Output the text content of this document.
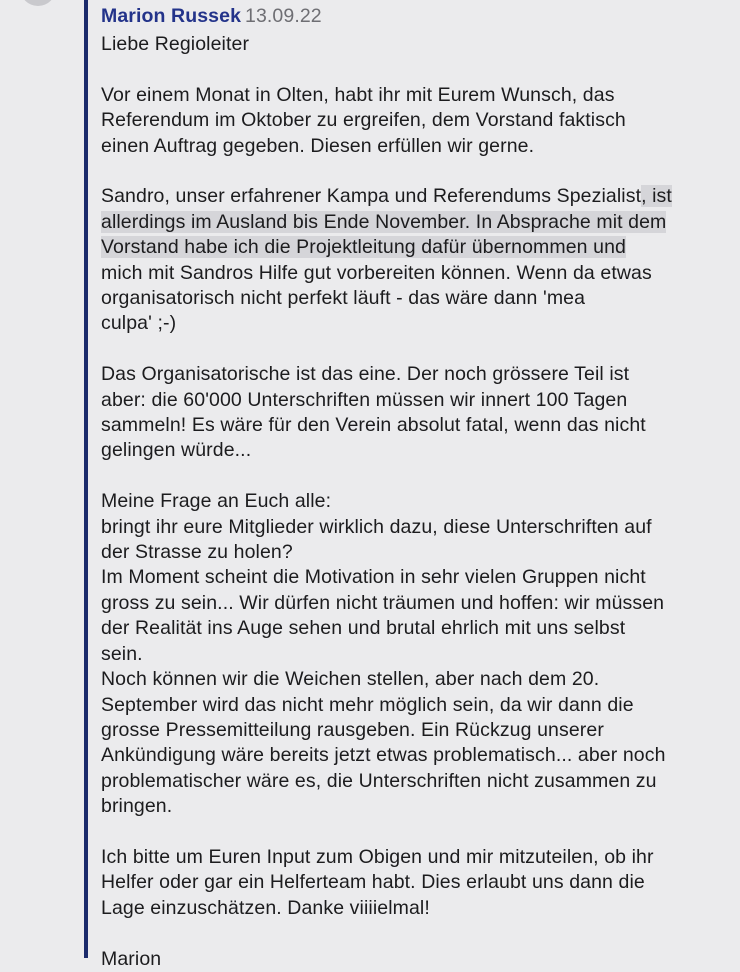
Marion Russek 13.09.22
Liebe Regioleiter
Vor einem Monat in Olten, habt ihr mit Eurem Wunsch, das
Referendum im Oktober zu ergreifen, dem Vorstand faktisch
einen Auftrag gegeben. Diesen erfüllen wir gerne.
Sandro, unser erfahrener Kampa und Referendums Spezialist, ist
allerdings im Ausland bis Ende November. In Absprache mit dem
Vorstand habe ich die Projektleitung dafür übernommen und
mich mit Sandros Hilfe gut vorbereiten können. Wenn da etwas
organisatorisch nicht perfekt läuft - das wäre dann 'mea
culpa' ;-)
Das Organisatorische ist das eine. Der noch grössere Teil ist
aber: die 60'000 Unterschriften müssen wir innert 100 Tagen
sammeln! Es wäre für den Verein absolut fatal, wenn das nicht
gelingen würde...
Meine Frage an Euch alle:
bringt ihr eure Mitglieder wirklich dazu, diese Unterschriften auf
der Strasse zu holen?
Im Moment scheint die Motivation in sehr vielen Gruppen nicht
gross zu sein... Wir dürfen nicht träumen und hoffen: wir müssen
der Realität ins Auge sehen und brutal ehrlich mit uns selbst
sein.
Noch können wir die Weichen stellen, aber nach dem 20.
September wird das nicht mehr möglich sein, da wir dann die
grosse Pressemitteilung rausgeben. Ein Rückzug unserer
Ankündigung wäre bereits jetzt etwas problematisch... aber noch
problematischer wäre es, die Unterschriften nicht zusammen zu
bringen.
Ich bitte um Euren Input zum Obigen und mir mitzuteilen, ob ihr
Helfer oder gar ein Helferteam habt. Dies erlaubt uns dann die
Lage einzuschätzen. Danke viiiielmal!
Marion
